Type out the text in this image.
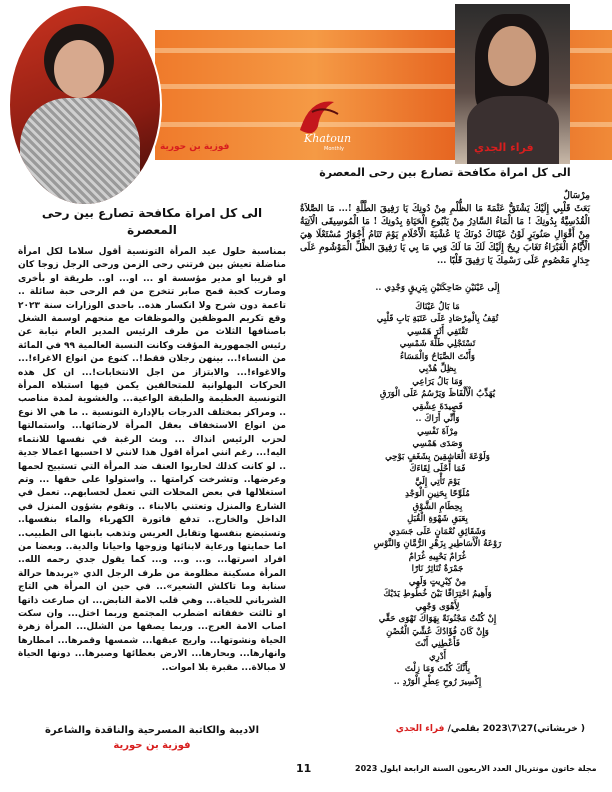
Khatoun
Monthly	فراء الجدي
فوزية بن حورية
الى كل امراة مكافحة تصارع بين رحى المعصرة
الى كل امراة مكافحة تصارع بين رحى المعصرة

مِرْسَالٌ

بَعَثَ قَلْبِي إِلَيْكَ يَشْتَقُّ عَتْمَةَ مَا الظُّلْمِ مِنْ دُونِكَ يَا رَفِيقَ الطَّلَّةِ !... مَا الصَّلاَةُ الْقُدُسِيَّةُ بِدُونِكَ ! مَا الْمَاءُ السَّادِرُ مِنْ يَنْبُوعِ الْحَيَاةِ بِدُونِكَ ! مَا الْمُوسِيقَى الْآتِيَةُ مِنْ أَقْوَالِ صَنُوبَرٍ لَوْنُ عَيْنَاكَ دُونَكَ يَا عُشْبَةَ الْأَحْلَامِ يَوْمَ تَنَامُ أَجْوَارُ مُسْتَعْلَا هِيَ الْأَيَّامُ الْغَبْرَاءُ تَغَابَ رِيحٌ إِلَيْكَ لَكَ مَا لَكَ وَبِي مَا بِي يَا رَفِيقَ الظِّلِّ الْمَوْشُومِ عَلَى جِدَارٍ مَعْصُومٍ عَلَى رَسْمِكَ يَا رَفِيقَ قَلْبًا ...

إِلَى عَيْنَيْنِ ضَاحِكَتَيْنِ بِبَرِيقٍ وَجْدِي ..
مَا بَالُ عَيْنَاكَ
تُقِفُ بِالْمِرْصَادِ عَلَى عَتَبَةِ بَابِ قَلْبِي
تَقْتَفِي أَثَرَ هَمْسِي
تَسْتَجْلِي طَلَّةَ شَمْسِي
وَأَنْتَ الصَّبَاحُ وَالْمَسَاءُ
بِظِلِّ هُدْبِي
وَمَا بَالُ يَرَاعِي
يُهَذِّبُ الْأَلْفَاظَ وَيَرْسُمُ عَلَى الْوَرَقِ
قَصِيدَةَ عِشْقِي
وَأَنِّي أَرَاكَ ..
مِرْآةَ نَفْسِي
وَصَدَى هَمْسِي
وَلَوْعَةَ الْعَاشِقِينَ بِشَغَفٍ بَوْحِي
فَمَا أَحْلَى لِقَاءَكَ
يَوْمَ تَأْتِي إِلَيَّ
مُلَوِّحًا بِحَنِينِ الْوَجْدِ
بِحِطَامِ الشَّوْقِ
بِعَبَقِ شَهْوَةِ الْقُبَلِ
وَشَقَائِقِ نُعْمَانٍ عَلَى جَسَدِي
رَوْعَةُ الْأَسَاطِيرِ بِزَهْرِ الرُّمَّانِ وَالنَّوْسِ
غُرَامٌ يَحْيِيهِ غُرَامٌ
جَمْرَةٌ تُنَاثِرُ نَارًا
مِنْ كِبْرِيتٍ وَلَهِي
وَأَهِيمُ احْتِرَاقًا بَيْنَ خُطُوطِ يَدَيْكَ
لِأَهْوَى وَجْهِي
إِنْ كُنْتُ مَجْنُونَةً بِهَوَاكَ تَهْوَى حَقِّي
وَإِنْ كَانَ فُؤَادُكَ عُشِّيَ الْغُصْنِ
فَأَعْطِنِي أَنْتَ
أَدْرِي
بِأَنَّكَ كُنْتَ وَمَا زِلْتَ
إِكْسِيرَ رُوحِ عِطْرِ الْوَرْدِ ..
( خربشاتي)27\7\2023 بقلمي/ فراء الجدي

بمناسبة حلول عيد المرأة التونسية أقول سلاما لكل امرأة مناضلة تعيش بين فرتني رحى الزمن ورحى الرجل زوجا كان او قريبا او مدير مؤسسة او ... او... او.. طريقة او بأخرى وصارت كحبة قمح صابر تتخرج من فم الرحى حبة سائلة .. تاعمة دون شرح ولا انكسار هذه.. باحدى الوزارات سنة ٢٠٢٣ وقع تكريم الموظفين والموظفات مع منحهم اوسمة الشغل باصنافها الثلاث من طرف الرئيس المدير العام نيابة عن رئيس الجمهورية المؤقت وكانت النسبة العالمية ٩٩ في المائة من النساء!... بينهن رجلان فقط!.. كنوع من انواع الاغراء!... والاغواء!... والابتزاز من اجل الانتخابات!... ان كل هذه الحركات البهلوانية للمتحالفين يكمن فيها استبلاه المرأة التونسية العظيمة والطبقة الواعية... والغشوية لمدة مناصب .. ومراكز بمختلف الدرجات بالإدارة التونسية .. ما هي الا نوع من انواع الاستخفاف بعقل المرأة لارضائها... واستمالتها لحزب الرئيس انذاك ... وبث الرغبة في نفسها للانتماء اليه!... رغم انني امرأة اقول هذا لانني لا احسبها اعمالا جدية .. لو كانت كذلك لحاربوا العنف ضد المرأة التي تستبيح لحمها وعرضها.. وتشرخت كرامتها .. واستولوا على حقها ... وتم استغلالها في بعض المحلات التي تعمل لحسابهم.. تعمل في الشارع والمنزل وتعتني بالابناء .. وتقوم بشؤون المنزل في الداخل والخارج.. تدفع فاتورة الكهرباء والماء بنفسها.. وتستبضع بنفسها وتقابل العريس وتذهب بابنها الى الطبيب.. اما حمايتها ورعاية لابنائها وزوجها واحيانا والدية.. وبعضا من افراد اسرتها... و... و... و... كما يقول جدي رحمه الله.. المرأة مسكينة مظلومة من طرف الرجل الذي «يربدها حرالة سنابة وما تاكلش الشعير»... في حين ان المرأة هي التاج الشرياني للحياة... وهي قلب الامة النابض... ان صارعت ذاتها او ثالثت خفقاته اضطرب المجتمع وربما اختل... وان سكت اصاب الامة العرج... وربما يصفها من الشلل... المرأة زهرة الحياة ونشوتها... واريج عبقها... شمسها وقمرها... امطارها وانهارها... وبحارها... الارض بعطائها وصبرها... دونها الحياة لا مبالاة... مقبرة بلا اموات..

الاديبة والكاتبة المسرحية والناقدة والشاعرة
فوزية بن حورية
11	مجلة خاتون مونتريال العدد الاربعون السنة الرابعة ايلول 2023
